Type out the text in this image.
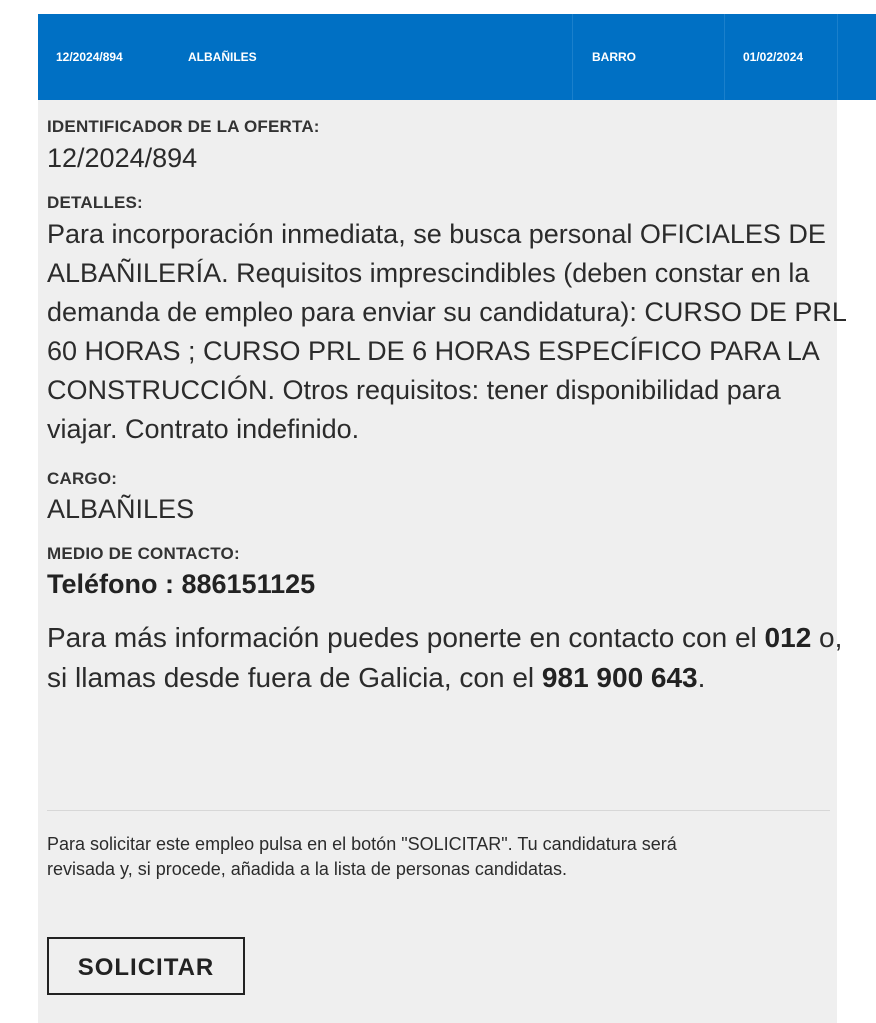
12/2024/894	ALBAÑILES	BARRO	01/02/2024
IDENTIFICADOR DE LA OFERTA:
12/2024/894
DETALLES:
Para incorporación inmediata, se busca personal OFICIALES DE ALBAÑILERÍA. Requisitos imprescindibles (deben constar en la demanda de empleo para enviar su candidatura): CURSO DE PRL 60 HORAS ; CURSO PRL DE 6 HORAS ESPECÍFICO PARA LA CONSTRUCCIÓN. Otros requisitos: tener disponibilidad para viajar. Contrato indefinido.
CARGO:
ALBAÑILES
MEDIO DE CONTACTO:
Teléfono : 886151125
Para más información puedes ponerte en contacto con el 012 o, si llamas desde fuera de Galicia, con el 981 900 643.
Para solicitar este empleo pulsa en el botón "SOLICITAR". Tu candidatura será revisada y, si procede, añadida a la lista de personas candidatas.
SOLICITAR
